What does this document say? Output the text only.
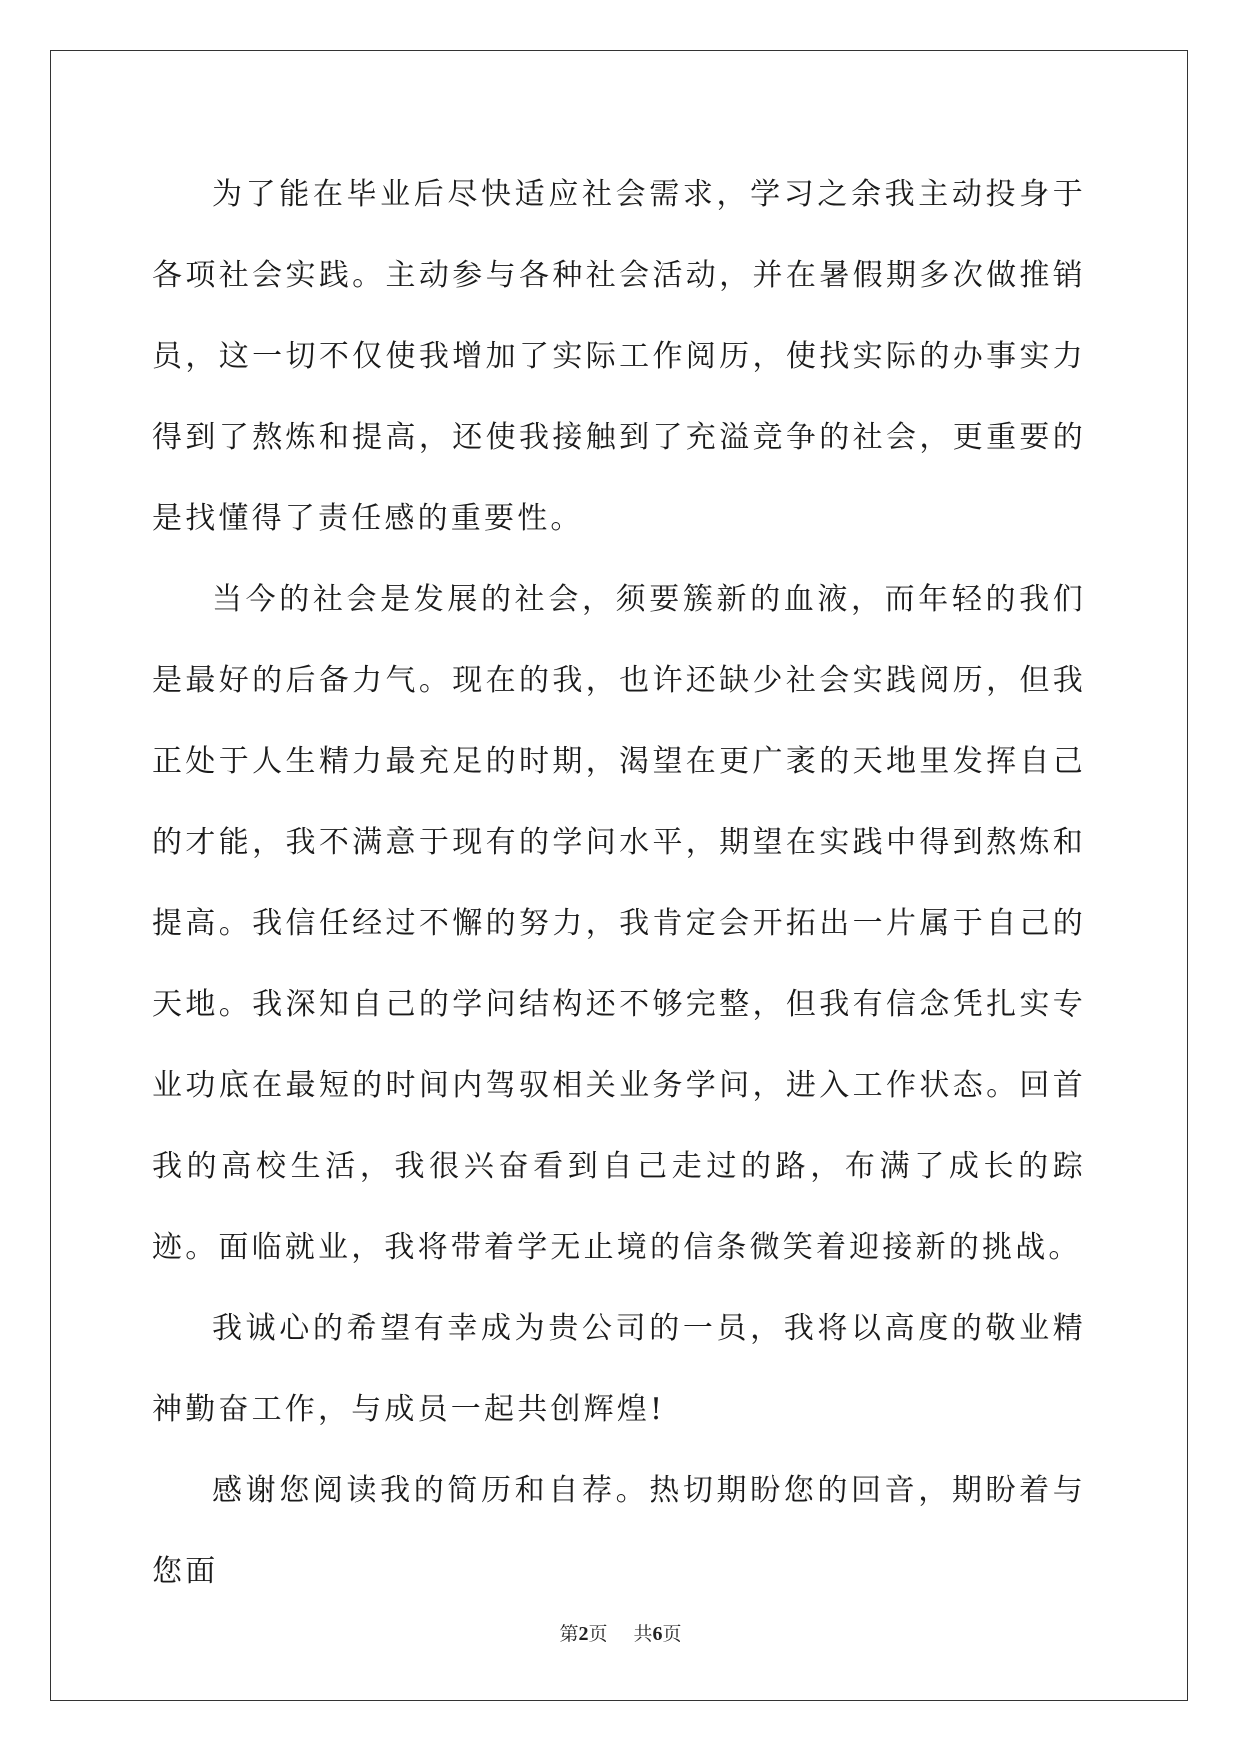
为了能在毕业后尽快适应社会需求，学习之余我主动投身于各项社会实践。主动参与各种社会活动，并在暑假期多次做推销员，这一切不仅使我增加了实际工作阅历，使找实际的办事实力得到了熬炼和提高，还使我接触到了充溢竞争的社会，更重要的是找懂得了责任感的重要性。

当今的社会是发展的社会，须要簇新的血液，而年轻的我们是最好的后备力气。现在的我，也许还缺少社会实践阅历，但我正处于人生精力最充足的时期，渴望在更广袤的天地里发挥自己的才能，我不满意于现有的学问水平，期望在实践中得到熬炼和提高。我信任经过不懈的努力，我肯定会开拓出一片属于自己的天地。我深知自己的学问结构还不够完整，但我有信念凭扎实专业功底在最短的时间内驾驭相关业务学问，进入工作状态。回首我的高校生活，我很兴奋看到自己走过的路，布满了成长的踪迹。面临就业，我将带着学无止境的信条微笑着迎接新的挑战。

我诚心的希望有幸成为贵公司的一员，我将以高度的敬业精神勤奋工作，与成员一起共创辉煌!

感谢您阅读我的简历和自荐。热切期盼您的回音，期盼着与您面

第2页 共6页
